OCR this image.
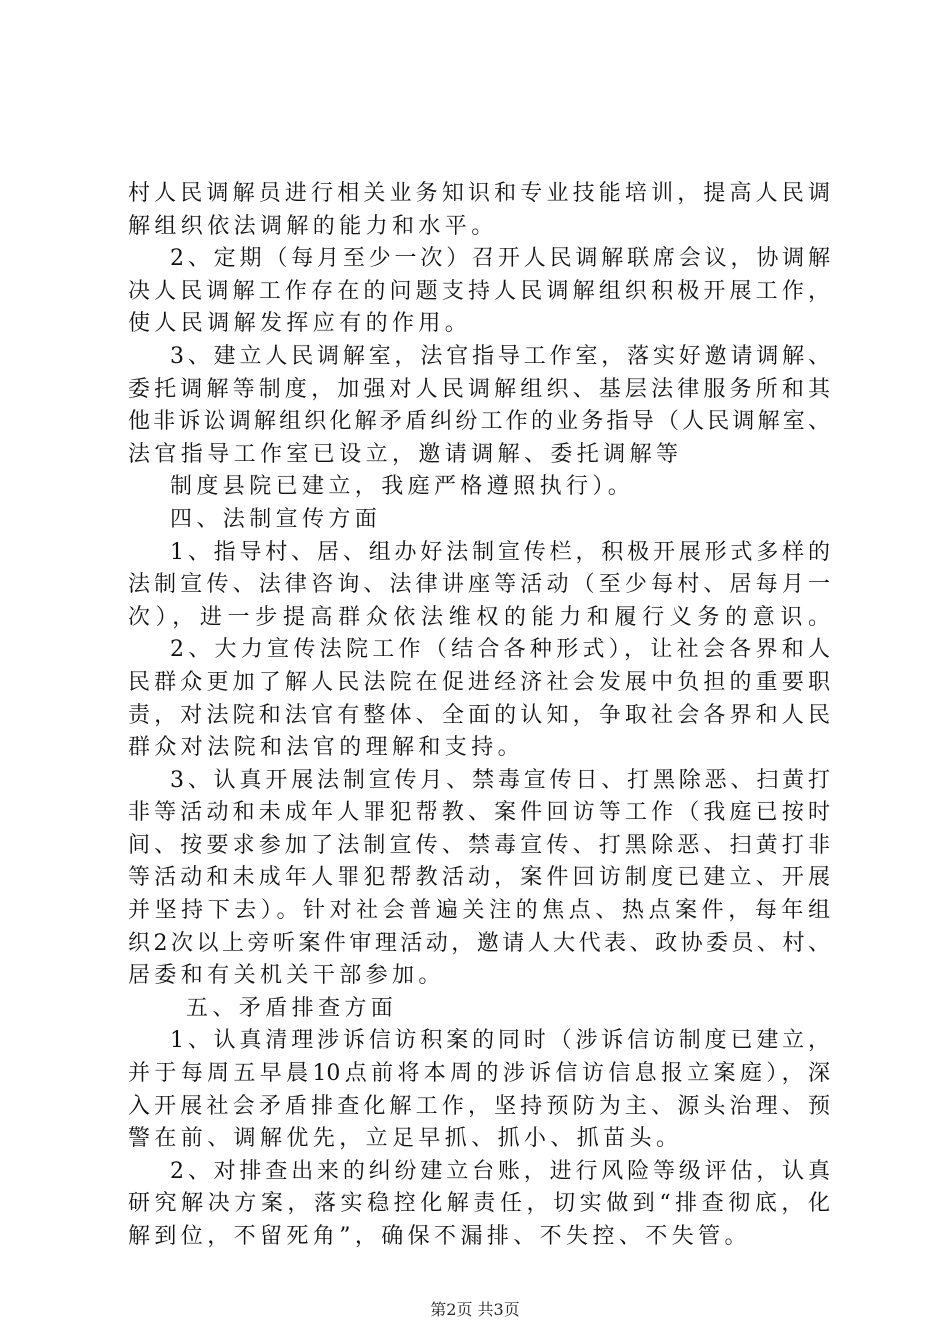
村人民调解员进行相关业务知识和专业技能培训，提高人民调
解组织依法调解的能力和水平。
2、定期（每月至少一次）召开人民调解联席会议，协调解
决人民调解工作存在的问题支持人民调解组织积极开展工作，
使人民调解发挥应有的作用。
3、建立人民调解室，法官指导工作室，落实好邀请调解、
委托调解等制度，加强对人民调解组织、基层法律服务所和其
他非诉讼调解组织化解矛盾纠纷工作的业务指导（人民调解室、
法官指导工作室已设立，邀请调解、委托调解等
制度县院已建立，我庭严格遵照执行）。
四、法制宣传方面
1、指导村、居、组办好法制宣传栏，积极开展形式多样的
法制宣传、法律咨询、法律讲座等活动（至少每村、居每月一
次），进一步提高群众依法维权的能力和履行义务的意识。
2、大力宣传法院工作（结合各种形式），让社会各界和人
民群众更加了解人民法院在促进经济社会发展中负担的重要职
责，对法院和法官有整体、全面的认知，争取社会各界和人民
群众对法院和法官的理解和支持。
3、认真开展法制宣传月、禁毒宣传日、打黑除恶、扫黄打
非等活动和未成年人罪犯帮教、案件回访等工作（我庭已按时
间、按要求参加了法制宣传、禁毒宣传、打黑除恶、扫黄打非
等活动和未成年人罪犯帮教活动，案件回访制度已建立、开展
并坚持下去）。针对社会普遍关注的焦点、热点案件，每年组
织2次以上旁听案件审理活动，邀请人大代表、政协委员、村、
居委和有关机关干部参加。
五、矛盾排查方面
1、认真清理涉诉信访积案的同时（涉诉信访制度已建立，
并于每周五早晨10点前将本周的涉诉信访信息报立案庭），深
入开展社会矛盾排查化解工作，坚持预防为主、源头治理、预
警在前、调解优先，立足早抓、抓小、抓苗头。
2、对排查出来的纠纷建立台账，进行风险等级评估，认真
研究解决方案，落实稳控化解责任，切实做到“排查彻底，化
解到位，不留死角”，确保不漏排、不失控、不失管。
第2页 共3页
